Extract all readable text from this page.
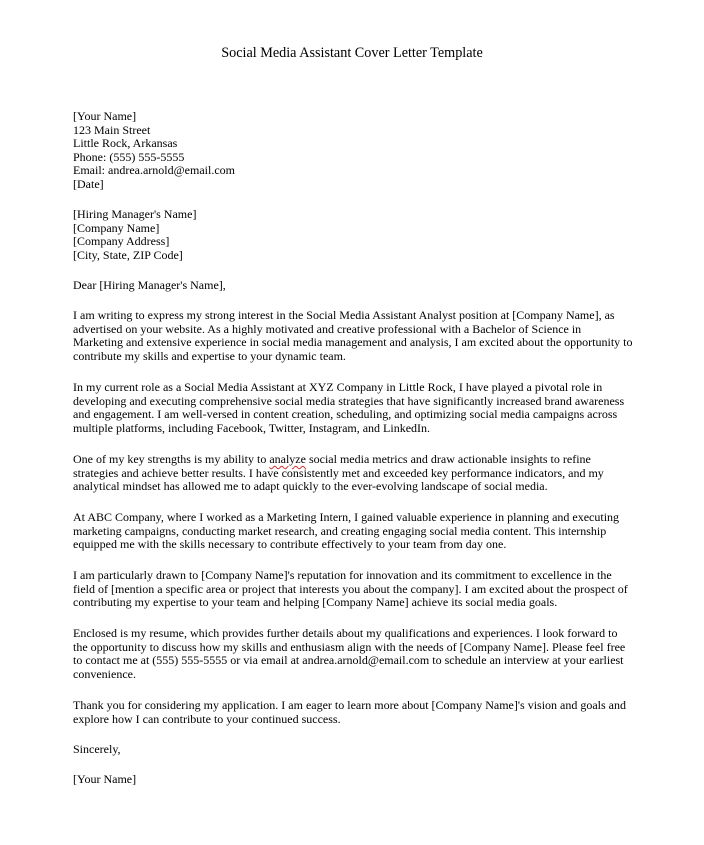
Social Media Assistant Cover Letter Template
[Your Name]
123 Main Street
Little Rock, Arkansas
Phone: (555) 555-5555
Email: andrea.arnold@email.com
[Date]
[Hiring Manager's Name]
[Company Name]
[Company Address]
[City, State, ZIP Code]
Dear [Hiring Manager's Name],
I am writing to express my strong interest in the Social Media Assistant Analyst position at [Company Name], as
advertised on your website. As a highly motivated and creative professional with a Bachelor of Science in
Marketing and extensive experience in social media management and analysis, I am excited about the opportunity to
contribute my skills and expertise to your dynamic team.
In my current role as a Social Media Assistant at XYZ Company in Little Rock, I have played a pivotal role in
developing and executing comprehensive social media strategies that have significantly increased brand awareness
and engagement. I am well-versed in content creation, scheduling, and optimizing social media campaigns across
multiple platforms, including Facebook, Twitter, Instagram, and LinkedIn.
One of my key strengths is my ability to analyze social media metrics and draw actionable insights to refine
strategies and achieve better results. I have consistently met and exceeded key performance indicators, and my
analytical mindset has allowed me to adapt quickly to the ever-evolving landscape of social media.
At ABC Company, where I worked as a Marketing Intern, I gained valuable experience in planning and executing
marketing campaigns, conducting market research, and creating engaging social media content. This internship
equipped me with the skills necessary to contribute effectively to your team from day one.
I am particularly drawn to [Company Name]'s reputation for innovation and its commitment to excellence in the
field of [mention a specific area or project that interests you about the company]. I am excited about the prospect of
contributing my expertise to your team and helping [Company Name] achieve its social media goals.
Enclosed is my resume, which provides further details about my qualifications and experiences. I look forward to
the opportunity to discuss how my skills and enthusiasm align with the needs of [Company Name]. Please feel free
to contact me at (555) 555-5555 or via email at andrea.arnold@email.com to schedule an interview at your earliest
convenience.
Thank you for considering my application. I am eager to learn more about [Company Name]'s vision and goals and
explore how I can contribute to your continued success.
Sincerely,
[Your Name]
